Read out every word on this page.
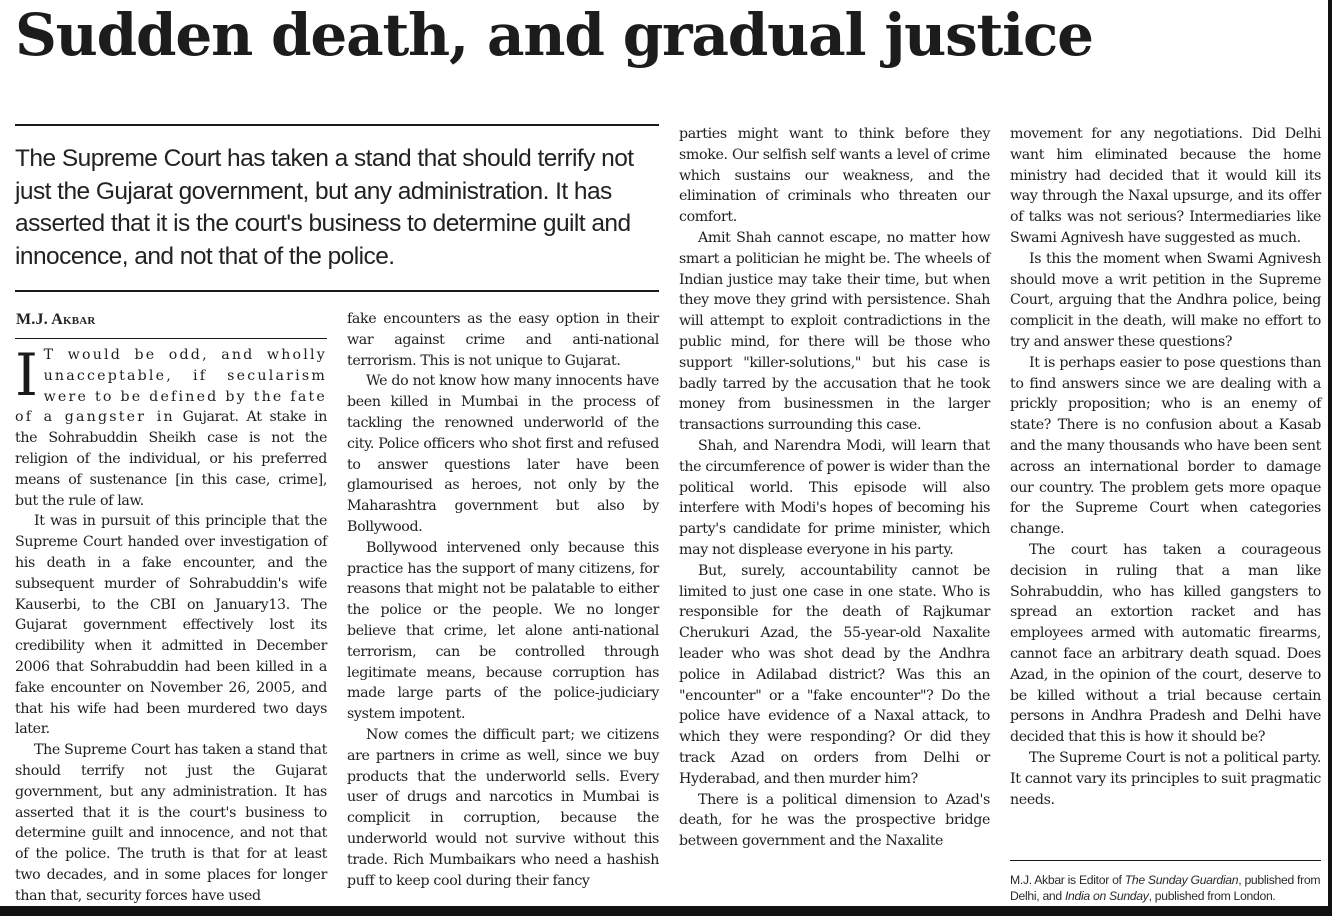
Sudden death, and gradual justice

The Supreme Court has taken a stand that should terrify not just the Gujarat government, but any administration. It has asserted that it is the court's business to determine guilt and innocence, and not that of the police.

M.J. Akbar

I T would be odd, and wholly unacceptable, if secularism were to be defined by the fate of a gangster in Gujarat. At stake in the Sohrabuddin Sheikh case is not the religion of the individual, or his preferred means of sustenance [in this case, crime], but the rule of law.

It was in pursuit of this principle that the Supreme Court handed over investigation of his death in a fake encounter, and the subsequent murder of Sohrabuddin's wife Kauserbi, to the CBI on January13. The Gujarat government effectively lost its credibility when it admitted in December 2006 that Sohrabuddin had been killed in a fake encounter on November 26, 2005, and that his wife had been murdered two days later.

The Supreme Court has taken a stand that should terrify not just the Gujarat government, but any administration. It has asserted that it is the court's business to determine guilt and innocence, and not that of the police. The truth is that for at least two decades, and in some places for longer than that, security forces have used

fake encounters as the easy option in their war against crime and anti-national terrorism. This is not unique to Gujarat.

We do not know how many innocents have been killed in Mumbai in the process of tackling the renowned underworld of the city. Police officers who shot first and refused to answer questions later have been glamourised as heroes, not only by the Maharashtra government but also by Bollywood.

Bollywood intervened only because this practice has the support of many citizens, for reasons that might not be palatable to either the police or the people. We no longer believe that crime, let alone anti-national terrorism, can be controlled through legitimate means, because corruption has made large parts of the police-judiciary system impotent.

Now comes the difficult part; we citizens are partners in crime as well, since we buy products that the underworld sells. Every user of drugs and narcotics in Mumbai is complicit in corruption, because the underworld would not survive without this trade. Rich Mumbaikars who need a hashish puff to keep cool during their fancy

parties might want to think before they smoke. Our selfish self wants a level of crime which sustains our weakness, and the elimination of criminals who threaten our comfort.

Amit Shah cannot escape, no matter how smart a politician he might be. The wheels of Indian justice may take their time, but when they move they grind with persistence. Shah will attempt to exploit contradictions in the public mind, for there will be those who support "killer-solutions," but his case is badly tarred by the accusation that he took money from businessmen in the larger transactions surrounding this case.

Shah, and Narendra Modi, will learn that the circumference of power is wider than the political world. This episode will also interfere with Modi's hopes of becoming his party's candidate for prime minister, which may not displease everyone in his party.

But, surely, accountability cannot be limited to just one case in one state. Who is responsible for the death of Rajkumar Cherukuri Azad, the 55-year-old Naxalite leader who was shot dead by the Andhra police in Adilabad district? Was this an "encounter" or a "fake encounter"? Do the police have evidence of a Naxal attack, to which they were responding? Or did they track Azad on orders from Delhi or Hyderabad, and then murder him?

There is a political dimension to Azad's death, for he was the prospective bridge between government and the Naxalite

movement for any negotiations. Did Delhi want him eliminated because the home ministry had decided that it would kill its way through the Naxal upsurge, and its offer of talks was not serious? Intermediaries like Swami Agnivesh have suggested as much.

Is this the moment when Swami Agnivesh should move a writ petition in the Supreme Court, arguing that the Andhra police, being complicit in the death, will make no effort to try and answer these questions?

It is perhaps easier to pose questions than to find answers since we are dealing with a prickly proposition; who is an enemy of state? There is no confusion about a Kasab and the many thousands who have been sent across an international border to damage our country. The problem gets more opaque for the Supreme Court when categories change.

The court has taken a courageous decision in ruling that a man like Sohrabuddin, who has killed gangsters to spread an extortion racket and has employees armed with automatic firearms, cannot face an arbitrary death squad. Does Azad, in the opinion of the court, deserve to be killed without a trial because certain persons in Andhra Pradesh and Delhi have decided that this is how it should be?

The Supreme Court is not a political party. It cannot vary its principles to suit pragmatic needs.

M.J. Akbar is Editor of The Sunday Guardian, published from Delhi, and India on Sunday, published from London.
